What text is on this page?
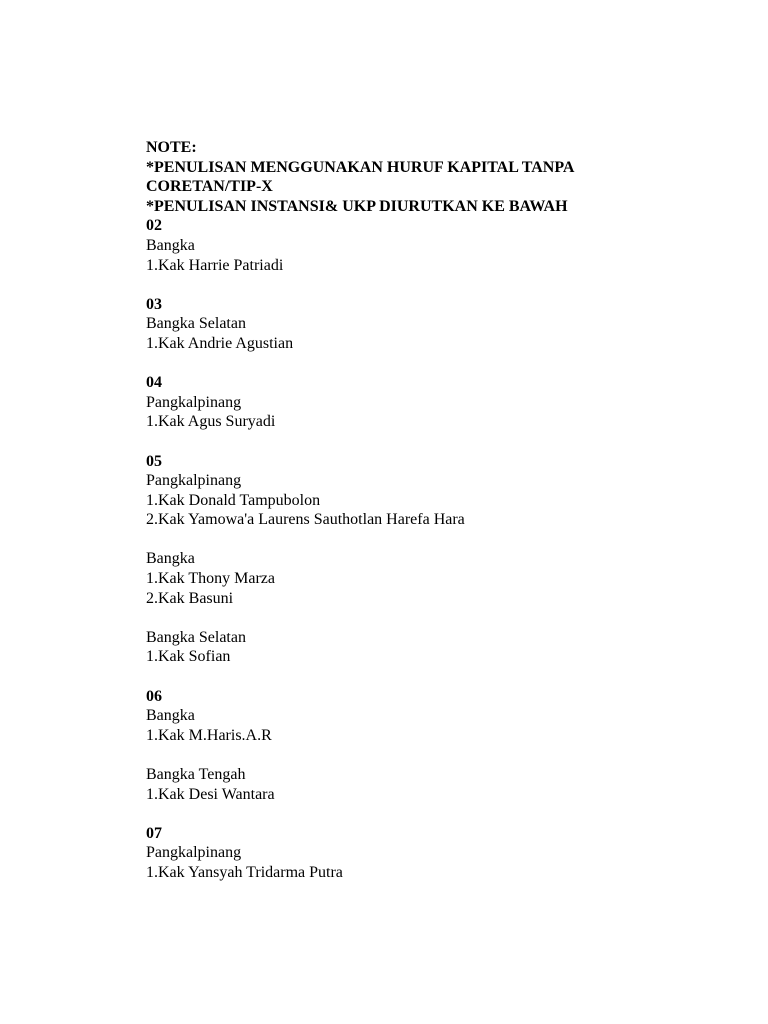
NOTE:
*PENULISAN MENGGUNAKAN HURUF KAPITAL TANPA
CORETAN/TIP-X
*PENULISAN INSTANSI& UKP DIURUTKAN KE BAWAH
02
Bangka
1.Kak Harrie Patriadi
03
Bangka Selatan
1.Kak Andrie Agustian
04
Pangkalpinang
1.Kak Agus Suryadi
05
Pangkalpinang
1.Kak Donald Tampubolon
2.Kak Yamowa'a Laurens Sauthotlan Harefa Hara
Bangka
1.Kak Thony Marza
2.Kak Basuni
Bangka Selatan
1.Kak Sofian
06
Bangka
1.Kak M.Haris.A.R
Bangka Tengah
1.Kak Desi Wantara
07
Pangkalpinang
1.Kak Yansyah Tridarma Putra
